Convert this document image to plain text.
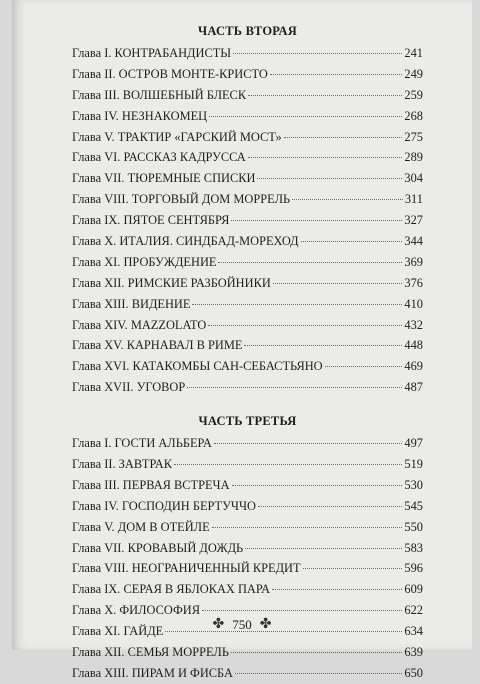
ЧАСТЬ ВТОРАЯ
Глава I. КОНТРАБАНДИСТЫ	241
Глава II. ОСТРОВ МОНТЕ-КРИСТО	249
Глава III. ВОЛШЕБНЫЙ БЛЕСК	259
Глава IV. НЕЗНАКОМЕЦ	268
Глава V. ТРАКТИР «ГАРСКИЙ МОСТ»	275
Глава VI. РАССКАЗ КАДРУССА	289
Глава VII. ТЮРЕМНЫЕ СПИСКИ	304
Глава VIII. ТОРГОВЫЙ ДОМ МОРРЕЛЬ	311
Глава IX. ПЯТОЕ СЕНТЯБРЯ	327
Глава X. ИТАЛИЯ. СИНДБАД-МОРЕХОД	344
Глава XI. ПРОБУЖДЕНИЕ	369
Глава XII. РИМСКИЕ РАЗБОЙНИКИ	376
Глава XIII. ВИДЕНИЕ	410
Глава XIV. MAZZOLATO	432
Глава XV. КАРНАВАЛ В РИМЕ	448
Глава XVI. КАТАКОМБЫ САН-СЕБАСТЬЯНО	469
Глава XVII. УГОВОР	487
ЧАСТЬ ТРЕТЬЯ
Глава I. ГОСТИ АЛЬБЕРА	497
Глава II. ЗАВТРАК	519
Глава III. ПЕРВАЯ ВСТРЕЧА	530
Глава IV. ГОСПОДИН БЕРТУЧЧО	545
Глава V. ДОМ В ОТЕЙЛЕ	550
Глава VII. КРОВАВЫЙ ДОЖДЬ	583
Глава VIII. НЕОГРАНИЧЕННЫЙ КРЕДИТ	596
Глава IX. СЕРАЯ В ЯБЛОКАХ ПАРА	609
Глава X. ФИЛОСОФИЯ	622
Глава XI. ГАЙДЕ	634
Глава XII. СЕМЬЯ МОРРЕЛЬ	639
Глава XIII. ПИРАМ И ФИСБА	650
✤ 750 ✤
